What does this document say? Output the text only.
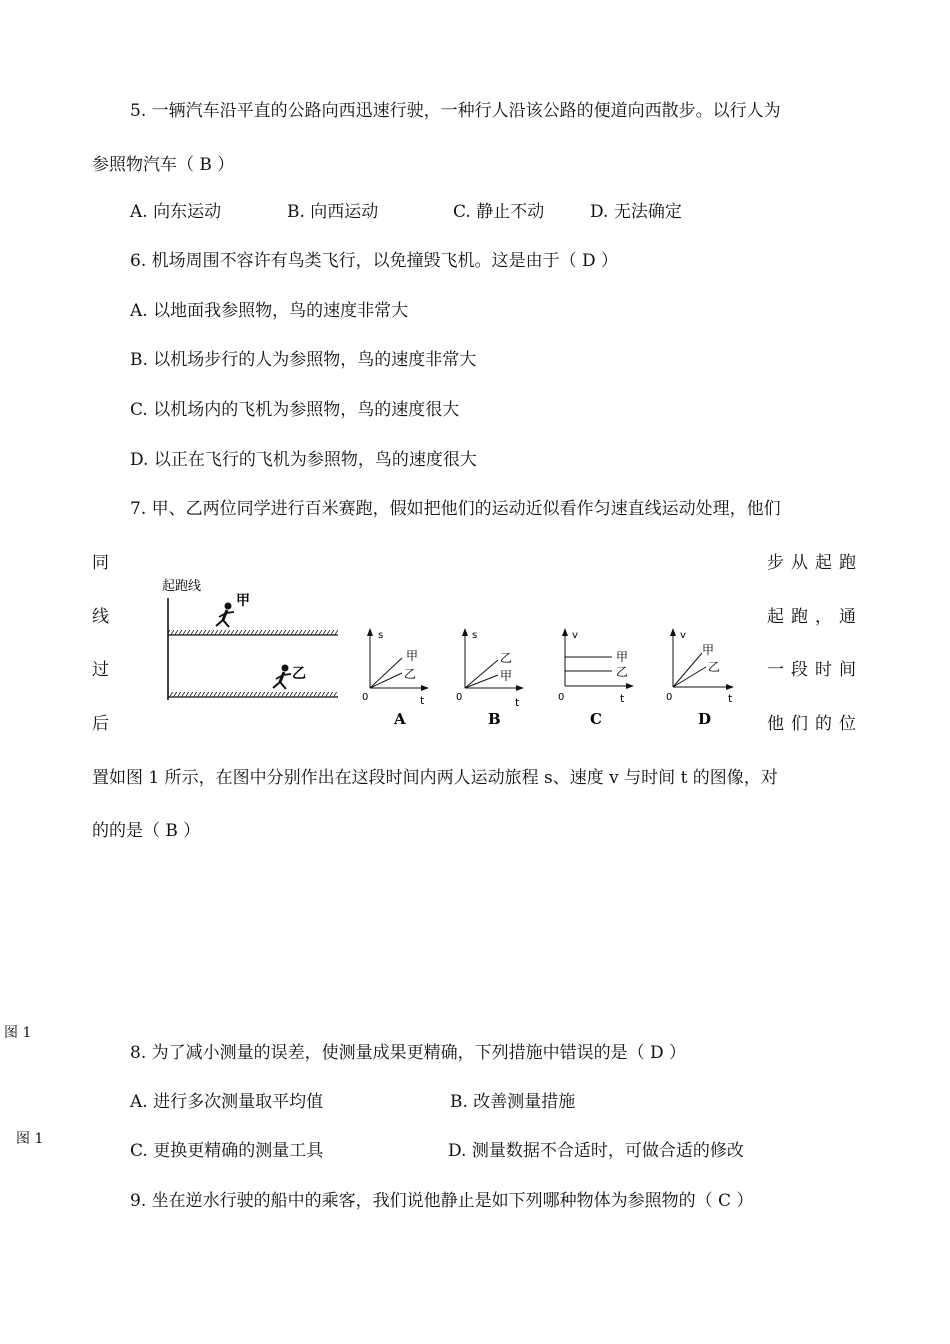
5. 一辆汽车沿平直的公路向西迅速行驶，一种行人沿该公路的便道向西散步。以行人为
参照物汽车（ B ）
A. 向东运动	B. 向西运动	C. 静止不动	D. 无法确定
6. 机场周围不容许有鸟类飞行，以免撞毁飞机。这是由于（ D ）
A. 以地面我参照物，鸟的速度非常大
B. 以机场步行的人为参照物，鸟的速度非常大
C. 以机场内的飞机为参照物，鸟的速度很大
D. 以正在飞行的飞机为参照物，鸟的速度很大
7. 甲、乙两位同学进行百米赛跑，假如把他们的运动近似看作匀速直线运动处理，他们
同
线
过
后
步从起跑
起跑，通
一段时间
他们的位
起跑线
甲
乙
s
t
0
甲
乙
A
s
t
0
乙
甲
B
v
t
0
甲
乙
C
v
t
0
甲
乙
D
置如图 1 所示，在图中分别作出在这段时间内两人运动旅程 s、速度 v 与时间 t 的图像，对
的的是（ B ）
图 1
图 1
8. 为了减小测量的误差，使测量成果更精确，下列措施中错误的是（ D ）
A. 进行多次测量取平均值	B. 改善测量措施
C. 更换更精确的测量工具	D. 测量数据不合适时，可做合适的修改
9. 坐在逆水行驶的船中的乘客，我们说他静止是如下列哪种物体为参照物的（ C ）
